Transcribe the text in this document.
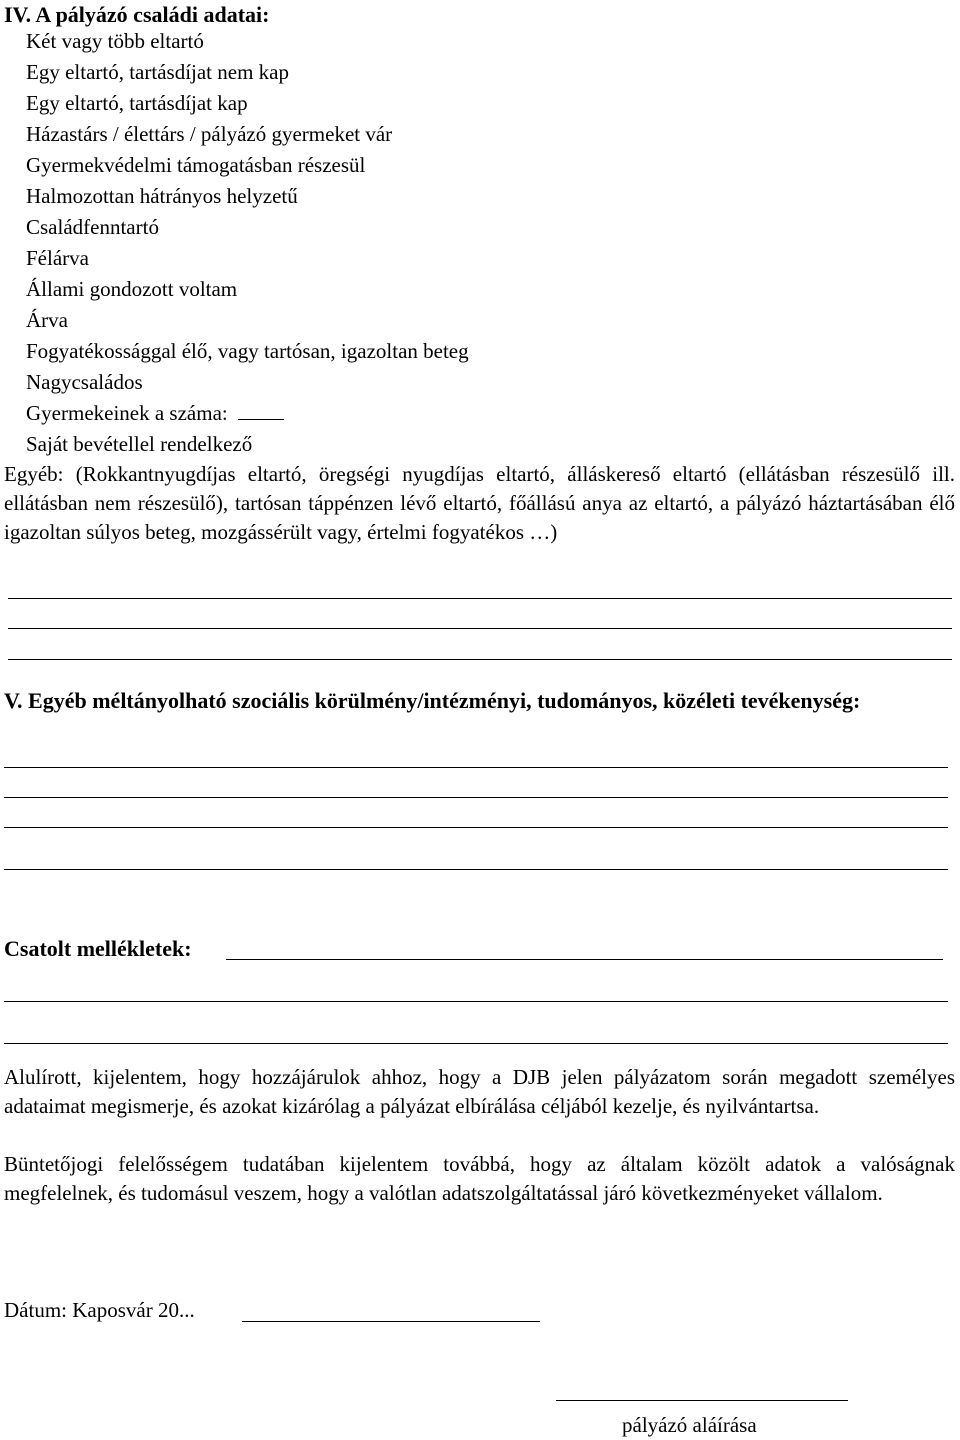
IV. A pályázó családi adatai:
Két vagy több eltartó
Egy eltartó, tartásdíjat nem kap
Egy eltartó, tartásdíjat kap
Házastárs / élettárs / pályázó gyermeket vár
Gyermekvédelmi támogatásban részesül
Halmozottan hátrányos helyzetű
Családfenntartó
Félárva
Állami gondozott voltam
Árva
Fogyatékossággal élő, vagy tartósan, igazoltan beteg
Nagycsaládos
Gyermekeinek a száma:
Saját bevétellel rendelkező
Egyéb: (Rokkantnyugdíjas eltartó, öregségi nyugdíjas eltartó, álláskereső eltartó (ellátásban részesülő ill. ellátásban nem részesülő), tartósan táppénzen lévő eltartó, főállású anya az eltartó, a pályázó háztartásában élő igazoltan súlyos beteg, mozgássérült vagy, értelmi fogyatékos …)
V. Egyéb méltányolható szociális körülmény/intézményi, tudományos, közéleti tevékenység:
Csatolt mellékletek:
Alulírott, kijelentem, hogy hozzájárulok ahhoz, hogy a DJB jelen pályázatom során megadott személyes adataimat megismerje, és azokat kizárólag a pályázat elbírálása céljából kezelje, és nyilvántartsa.
Büntetőjogi felelősségem tudatában kijelentem továbbá, hogy az általam közölt adatok a valóságnak megfelelnek, és tudomásul veszem, hogy a valótlan adatszolgáltatással járó következményeket vállalom.
Dátum: Kaposvár 20...
pályázó aláírása
